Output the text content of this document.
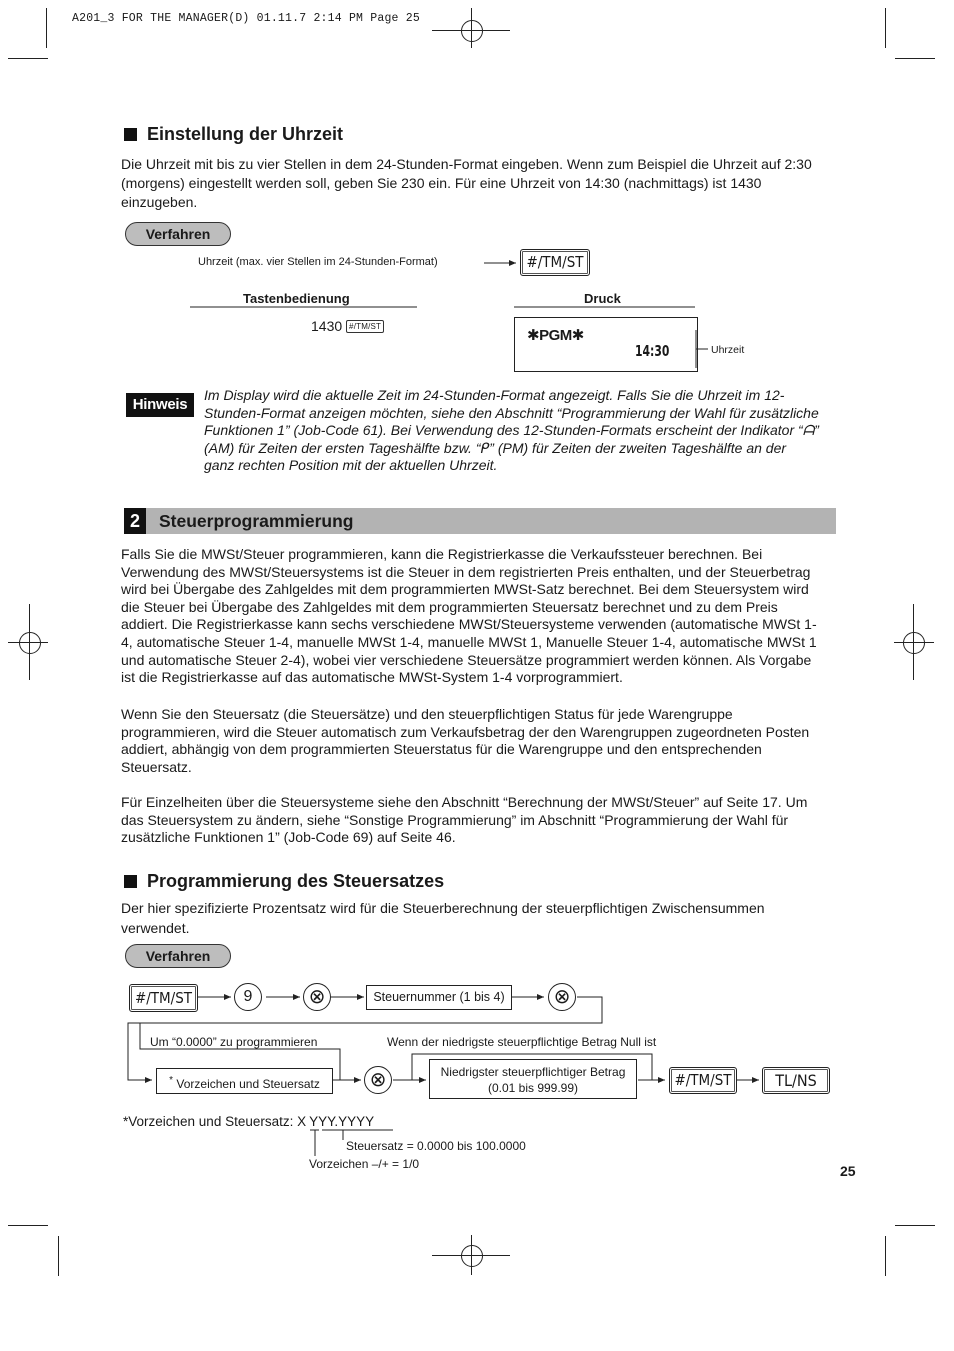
A201_3 FOR THE MANAGER(D) 01.11.7 2:14 PM Page 25
Einstellung der Uhrzeit
Die Uhrzeit mit bis zu vier Stellen in dem 24-Stunden-Format eingeben. Wenn zum Beispiel die Uhrzeit auf 2:30
(morgens) eingestellt werden soll, geben Sie 230 ein. Für eine Uhrzeit von 14:30 (nachmittags) ist 1430
einzugeben.
Verfahren
Uhrzeit (max. vier Stellen im 24-Stunden-Format)	#/TM/ST
Tastenbedienung	Druck
1430 #/TM/ST
✱PGM✱
14:30	Uhrzeit
Hinweis
Im Display wird die aktuelle Zeit im 24-Stunden-Format angezeigt. Falls Sie die Uhrzeit im 12-
Stunden-Format anzeigen möchten, siehe den Abschnitt “Programmierung der Wahl für zusätzliche
Funktionen 1” (Job-Code 61). Bei Verwendung des 12-Stunden-Formats erscheint der Indikator “ᗩ”
(AM) für Zeiten der ersten Tageshälfte bzw. “ᑭ” (PM) für Zeiten der zweiten Tageshälfte an der
ganz rechten Position mit der aktuellen Uhrzeit.
2	Steuerprogrammierung
Falls Sie die MWSt/Steuer programmieren, kann die Registrierkasse die Verkaufssteuer berechnen. Bei
Verwendung des MWSt/Steuersystems ist die Steuer in dem registrierten Preis enthalten, und der Steuerbetrag
wird bei Übergabe des Zahlgeldes mit dem programmierten MWSt-Satz berechnet. Bei dem Steuersystem wird
die Steuer bei Übergabe des Zahlgeldes mit dem programmierten Steuersatz berechnet und zu dem Preis
addiert. Die Registrierkasse kann sechs verschiedene MWSt/Steuersysteme verwenden (automatische MWSt 1-
4, automatische Steuer 1-4, manuelle MWSt 1-4, manuelle MWSt 1, Manuelle Steuer 1-4, automatische MWSt 1
und automatische Steuer 2-4), wobei vier verschiedene Steuersätze programmiert werden können. Als Vorgabe
ist die Registrierkasse auf das automatische MWSt-System 1-4 vorprogrammiert.
Wenn Sie den Steuersatz (die Steuersätze) und den steuerpflichtigen Status für jede Warengruppe
programmieren, wird die Steuer automatisch zum Verkaufsbetrag der den Warengruppen zugeordneten Posten
addiert, abhängig von dem programmierten Steuerstatus für die Warengruppe und den entsprechenden
Steuersatz.
Für Einzelheiten über die Steuersysteme siehe den Abschnitt “Berechnung der MWSt/Steuer” auf Seite 17. Um
das Steuersystem zu ändern, siehe “Sonstige Programmierung” im Abschnitt “Programmierung der Wahl für
zusätzliche Funktionen 1” (Job-Code 69) auf Seite 46.
Programmierung des Steuersatzes
Der hier spezifizierte Prozentsatz wird für die Steuerberechnung der steuerpflichtigen Zwischensummen
verwendet.
Verfahren
#/TM/ST	9	⊗	Steuernummer (1 bis 4)	⊗
Um “0.0000” zu programmieren	Wenn der niedrigste steuerpflichtige Betrag Null ist
* Vorzeichen und Steuersatz	⊗	Niedrigster steuerpflichtiger Betrag
(0.01 bis 999.99)	#/TM/ST	TL/NS
*Vorzeichen und Steuersatz: X YYY.YYYY
Steuersatz = 0.0000 bis 100.0000
Vorzeichen –/+ = 1/0	25
